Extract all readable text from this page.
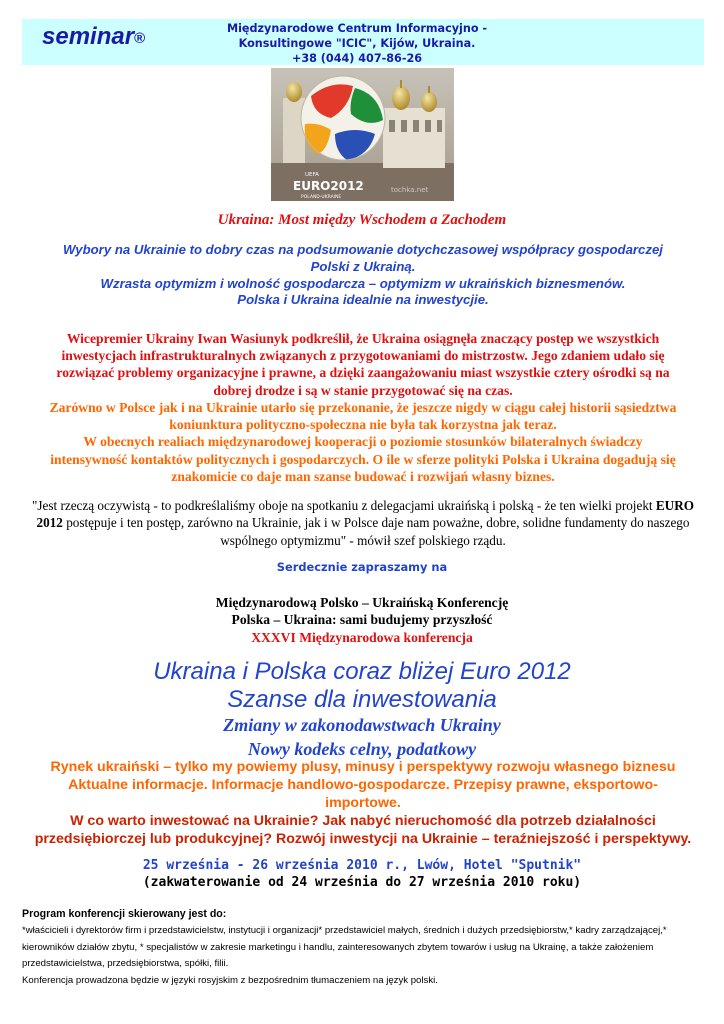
seminar®
Międzynarodowe Centrum Informacyjno -
Konsultingowe "ICIC", Kijów, Ukraina.
+38 (044) 407-86-26
UEFA
EURO2012
POLAND-UKRAINE
tochka.net
Ukraina: Most między Wschodem a Zachodem
Wybory na Ukrainie to dobry czas na podsumowanie dotychczasowej współpracy gospodarczej
Polski z Ukrainą.
Wzrasta optymizm i wolność gospodarcza – optymizm w ukraińskich biznesmenów.
Polska i Ukraina idealnie na inwestycjie.
Wicepremier Ukrainy Iwan Wasiunyk podkreślił, że Ukraina osiągnęła znaczący postęp we wszystkich
inwestycjach infrastrukturalnych związanych z przygotowaniami do mistrzostw. Jego zdaniem udało się
rozwiązać problemy organizacyjne i prawne, a dzięki zaangażowaniu miast wszystkie cztery ośrodki są na
dobrej drodze i są w stanie przygotować się na czas.
Zarówno w Polsce jak i na Ukrainie utarło się przekonanie, że jeszcze nigdy w ciągu całej historii sąsiedztwa
koniunktura polityczno-społeczna nie była tak korzystna jak teraz.
W obecnych realiach międzynarodowej kooperacji o poziomie stosunków bilateralnych świadczy
intensywność kontaktów politycznych i gospodarczych. O ile w sferze polityki Polska i Ukraina dogadują się
znakomicie co daje man szanse budować i rozwijań własny biznes.
"Jest rzeczą oczywistą - to podkreślaliśmy oboje na spotkaniu z delegacjami ukraińską i polską - że ten wielki projekt EURO
2012 postępuje i ten postęp, zarówno na Ukrainie, jak i w Polsce daje nam poważne, dobre, solidne fundamenty do naszego
wspólnego optymizmu" - mówił szef polskiego rządu.
Serdecznie zapraszamy na
Międzynarodową Polsko – Ukraińską Konferencję
Polska – Ukraina: sami budujemy przyszłość
XXXVI Międzynarodowa konferencja
Ukraina i Polska coraz bliżej Euro 2012
Szanse dla inwestowania
Zmiany w zakonodawstwach Ukrainy
Nowy kodeks celny, podatkowy
Rynek ukraiński – tylko my powiemy plusy, minusy i perspektywy rozwoju własnego biznesu
Aktualne informacje. Informacje handlowo-gospodarcze. Przepisy prawne, eksportowo-
importowe.
W co warto inwestować na Ukrainie? Jak nabyć nieruchomość dla potrzeb działalności
przedsiębiorczej lub produkcyjnej? Rozwój inwestycji na Ukrainie – teraźniejszość i perspektywy.
25 września - 26 września 2010 r., Lwów, Hotel "Sputnik"
(zakwaterowanie od 24 września do 27 września 2010 roku)
Program konferencji skierowany jest do:
*właścicieli i dyrektorów firm i przedstawicielstw, instytucji i organizacji* przedstawiciel małych, średnich i dużych przedsiębiorstw,* kadry zarządzającej,*
kierowników działów zbytu, * specjalistów w zakresie marketingu i handlu, zainteresowanych zbytem towarów i usług na Ukrainę, a także założeniem
przedstawicielstwa, przedsiębiorstwa, spółki, filii.
Konferencja prowadzona będzie w języki rosyjskim z bezpośrednim tłumaczeniem na język polski.
